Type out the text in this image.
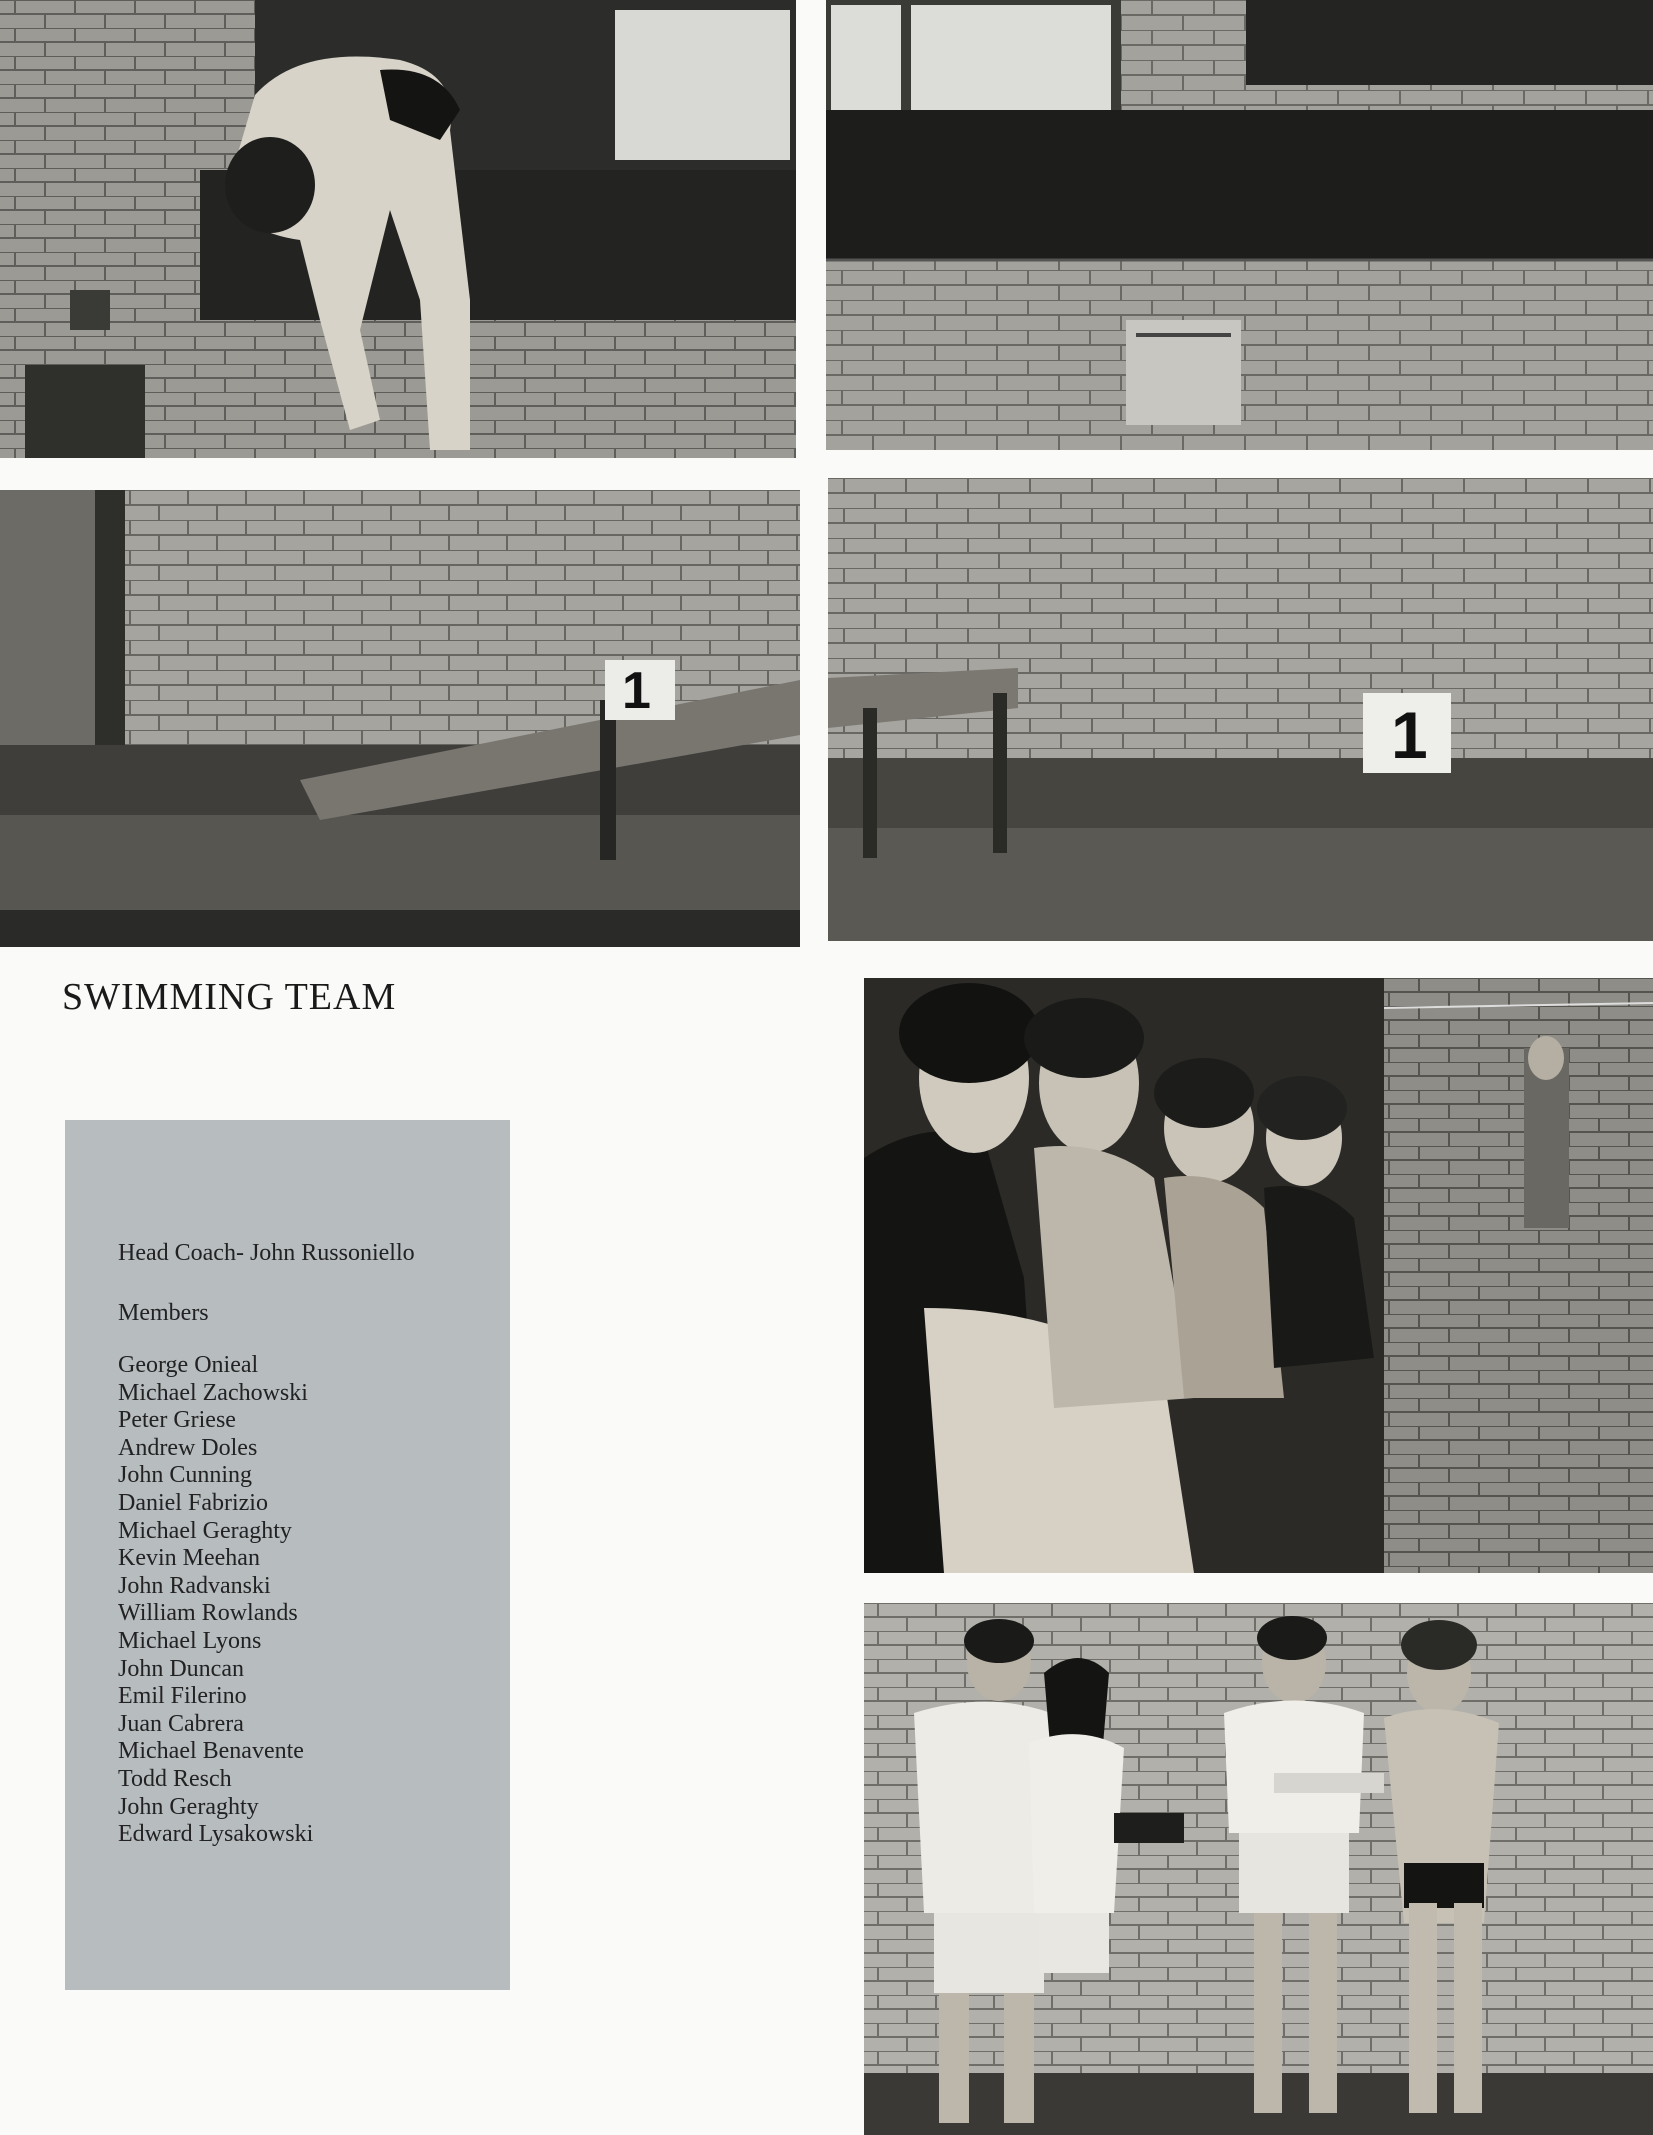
1
1
SWIMMING TEAM
Head Coach- John Russoniello
Members
George Onieal
Michael Zachowski
Peter Griese
Andrew Doles
John Cunning
Daniel Fabrizio
Michael Geraghty
Kevin Meehan
John Radvanski
William Rowlands
Michael Lyons
John Duncan
Emil Filerino
Juan Cabrera
Michael Benavente
Todd Resch
John Geraghty
Edward Lysakowski
